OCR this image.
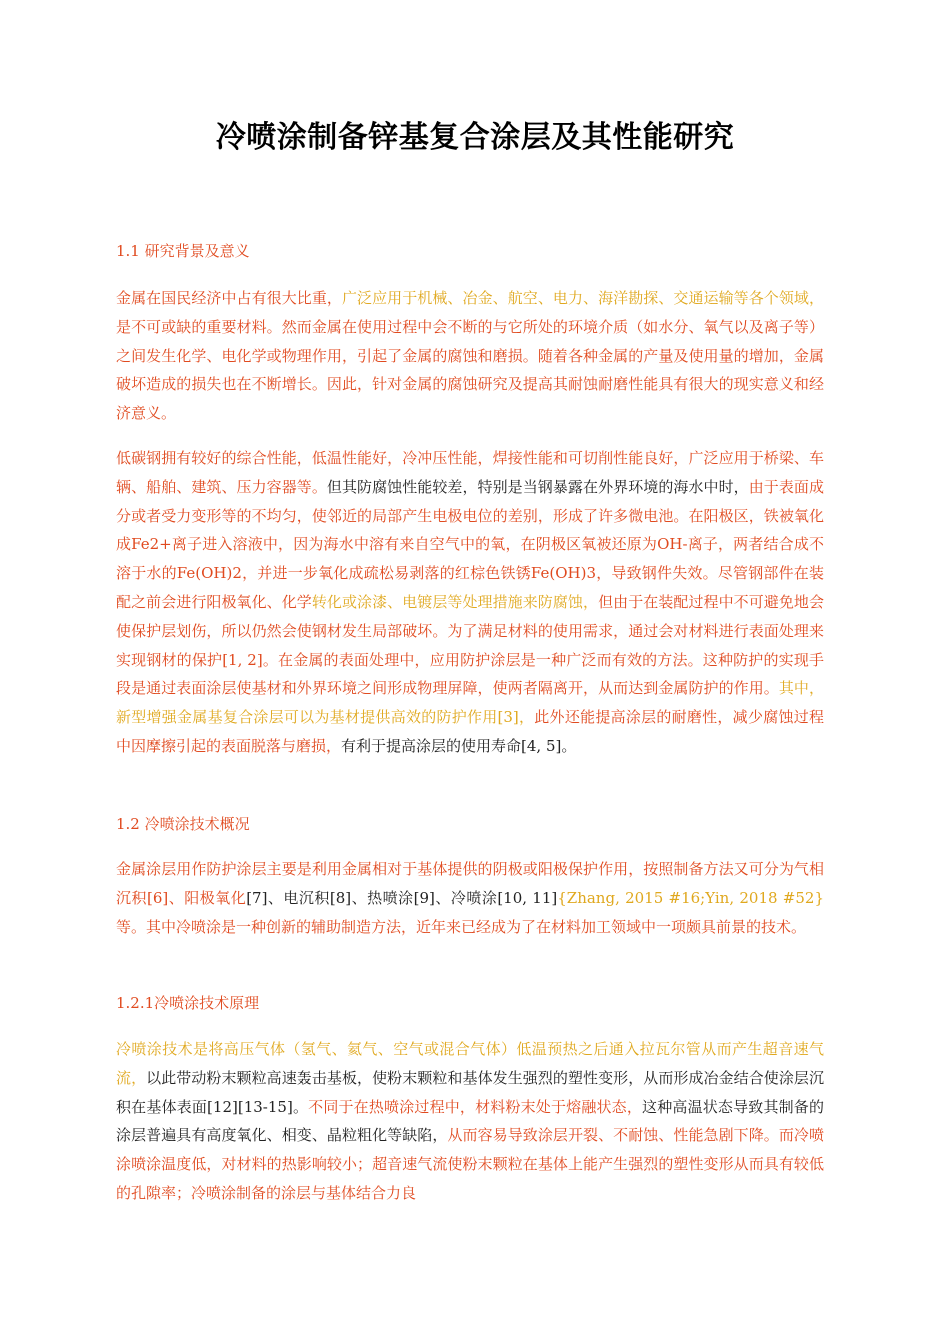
冷喷涂制备锌基复合涂层及其性能研究
1.1 研究背景及意义
金属在国民经济中占有很大比重，广泛应用于机械、冶金、航空、电力、海洋勘探、交通运输等各个领域，是不可或缺的重要材料。然而金属在使用过程中会不断的与它所处的环境介质（如水分、氧气以及离子等）之间发生化学、电化学或物理作用，引起了金属的腐蚀和磨损。随着各种金属的产量及使用量的增加，金属破坏造成的损失也在不断增长。因此，针对金属的腐蚀研究及提高其耐蚀耐磨性能具有很大的现实意义和经济意义。
低碳钢拥有较好的综合性能，低温性能好，冷冲压性能，焊接性能和可切削性能良好，广泛应用于桥梁、车辆、船舶、建筑、压力容器等。但其防腐蚀性能较差，特别是当钢暴露在外界环境的海水中时，由于表面成分或者受力变形等的不均匀，使邻近的局部产生电极电位的差别，形成了许多微电池。在阳极区，铁被氧化成Fe2+离子进入溶液中，因为海水中溶有来自空气中的氧，在阴极区氧被还原为OH-离子，两者结合成不溶于水的Fe(OH)2，并进一步氧化成疏松易剥落的红棕色铁锈Fe(OH)3，导致钢件失效。尽管钢部件在装配之前会进行阳极氧化、化学转化或涂漆、电镀层等处理措施来防腐蚀，但由于在装配过程中不可避免地会使保护层划伤，所以仍然会使钢材发生局部破坏。为了满足材料的使用需求，通过会对材料进行表面处理来实现钢材的保护[1, 2]。在金属的表面处理中，应用防护涂层是一种广泛而有效的方法。这种防护的实现手段是通过表面涂层使基材和外界环境之间形成物理屏障，使两者隔离开，从而达到金属防护的作用。其中，新型增强金属基复合涂层可以为基材提供高效的防护作用[3]，此外还能提高涂层的耐磨性，减少腐蚀过程中因摩擦引起的表面脱落与磨损，有利于提高涂层的使用寿命[4, 5]。
1.2 冷喷涂技术概况
金属涂层用作防护涂层主要是利用金属相对于基体提供的阴极或阳极保护作用，按照制备方法又可分为气相沉积[6]、阳极氧化[7]、电沉积[8]、热喷涂[9]、冷喷涂[10, 11]{Zhang, 2015 #16;Yin, 2018 #52}等。其中冷喷涂是一种创新的辅助制造方法，近年来已经成为了在材料加工领域中一项颇具前景的技术。
1.2.1冷喷涂技术原理
冷喷涂技术是将高压气体（氢气、氦气、空气或混合气体）低温预热之后通入拉瓦尔管从而产生超音速气流，以此带动粉末颗粒高速轰击基板，使粉末颗粒和基体发生强烈的塑性变形，从而形成冶金结合使涂层沉积在基体表面[12][13-15]。不同于在热喷涂过程中，材料粉末处于熔融状态，这种高温状态导致其制备的涂层普遍具有高度氧化、相变、晶粒粗化等缺陷，从而容易导致涂层开裂、不耐蚀、性能急剧下降。而冷喷涂喷涂温度低，对材料的热影响较小；超音速气流使粉末颗粒在基体上能产生强烈的塑性变形从而具有较低的孔隙率；冷喷涂制备的涂层与基体结合力良
